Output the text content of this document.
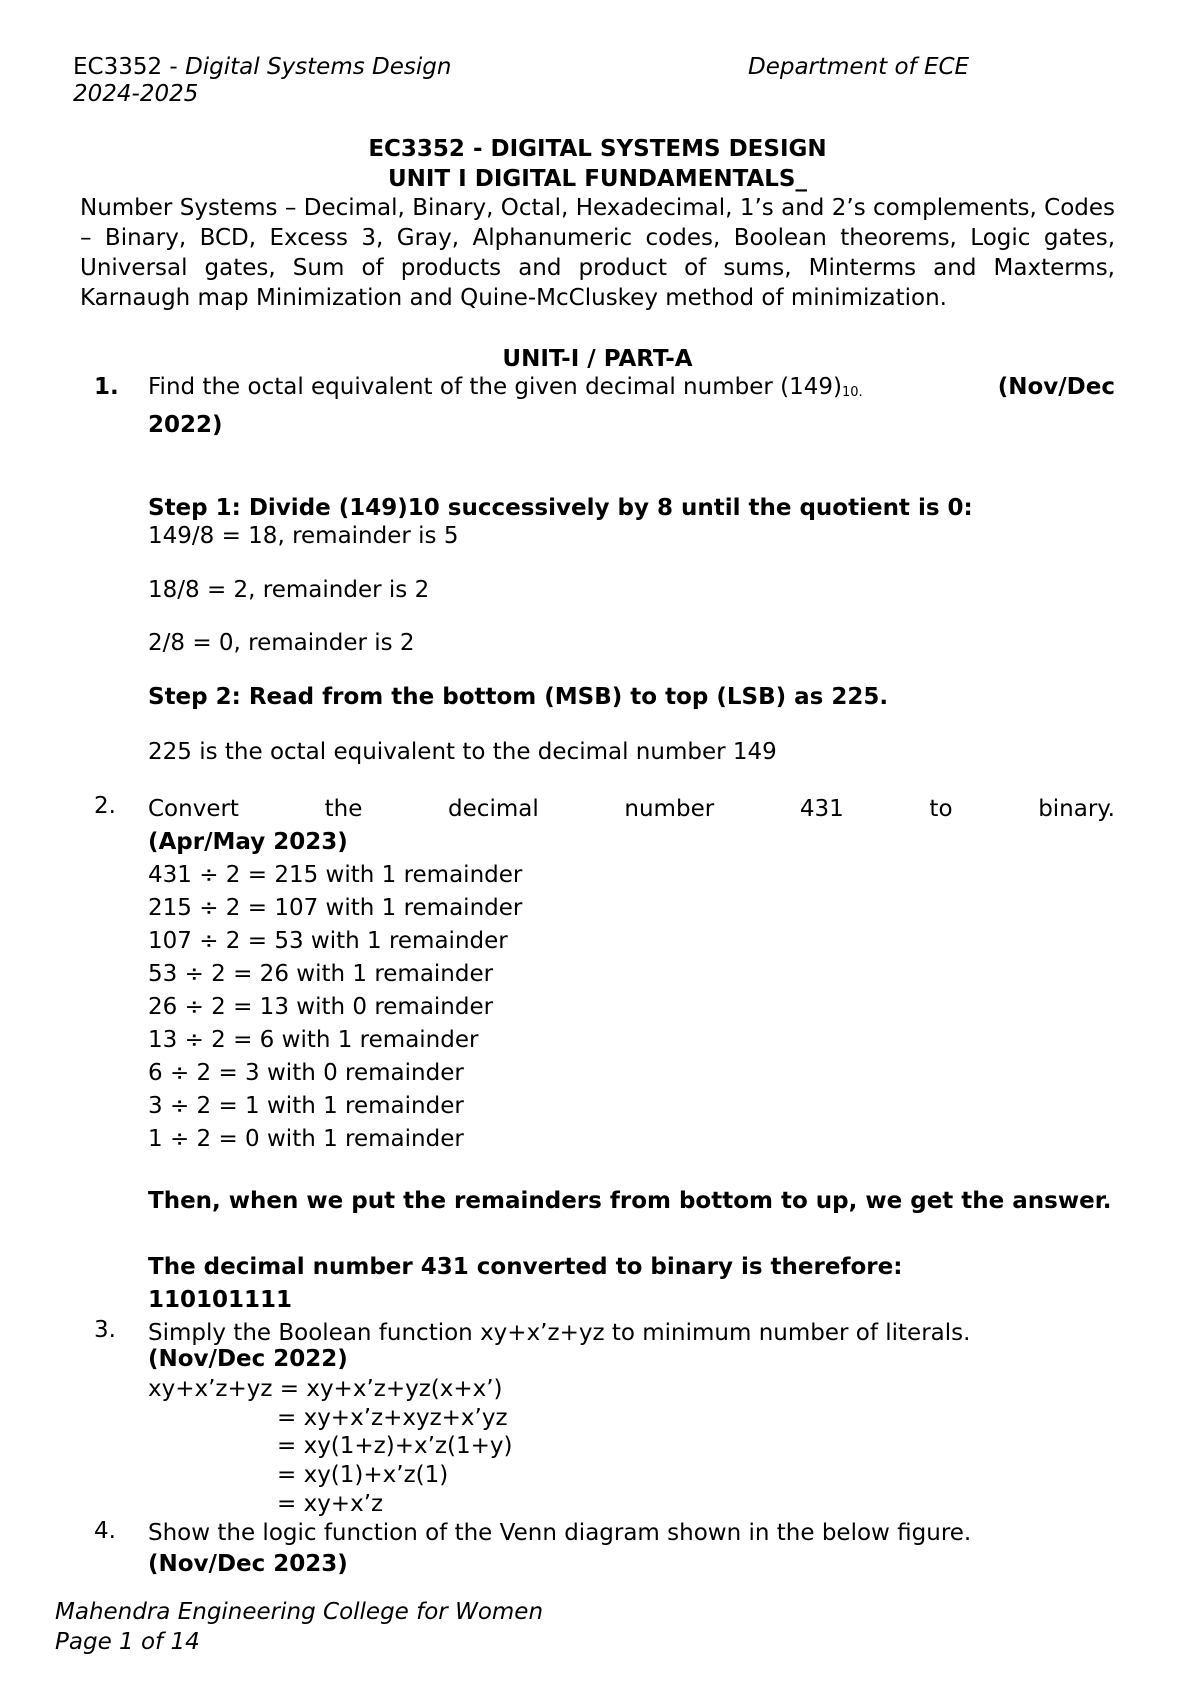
EC3352 - Digital Systems Design	Department of ECE
2024-2025
EC3352 - DIGITAL SYSTEMS DESIGN
UNIT I DIGITAL FUNDAMENTALS_
Number Systems – Decimal, Binary, Octal, Hexadecimal, 1’s and 2’s complements, Codes – Binary, BCD, Excess 3, Gray, Alphanumeric codes, Boolean theorems, Logic gates, Universal gates, Sum of products and product of sums, Minterms and Maxterms, Karnaugh map Minimization and Quine-McCluskey method of minimization.
UNIT-I / PART-A
1. Find the octal equivalent of the given decimal number $(149)_{10.}$	(Nov/Dec
2022)
Step 1: Divide (149)10 successively by 8 until the quotient is 0:
149/8 = 18, remainder is 5
18/8 = 2, remainder is 2
2/8 = 0, remainder is 2
Step 2: Read from the bottom (MSB) to top (LSB) as 225.
225 is the octal equivalent to the decimal number 149
2. Convert	the	decimal	number	431	to	binary.
(Apr/May 2023)
431 ÷ 2 = 215 with 1 remainder
215 ÷ 2 = 107 with 1 remainder
107 ÷ 2 = 53 with 1 remainder
53 ÷ 2 = 26 with 1 remainder
26 ÷ 2 = 13 with 0 remainder
13 ÷ 2 = 6 with 1 remainder
6 ÷ 2 = 3 with 0 remainder
3 ÷ 2 = 1 with 1 remainder
1 ÷ 2 = 0 with 1 remainder
Then, when we put the remainders from bottom to up, we get the answer.
The decimal number 431 converted to binary is therefore:
110101111
3. Simply the Boolean function xy+x’z+yz to minimum number of literals.
(Nov/Dec 2022)
xy+x’z+yz = xy+x’z+yz(x+x’)
= xy+x’z+xyz+x’yz
= xy(1+z)+x’z(1+y)
= xy(1)+x’z(1)
= xy+x’z
4. Show the logic function of the Venn diagram shown in the below figure.
(Nov/Dec 2023)
Mahendra Engineering College for Women
Page 1 of 14
